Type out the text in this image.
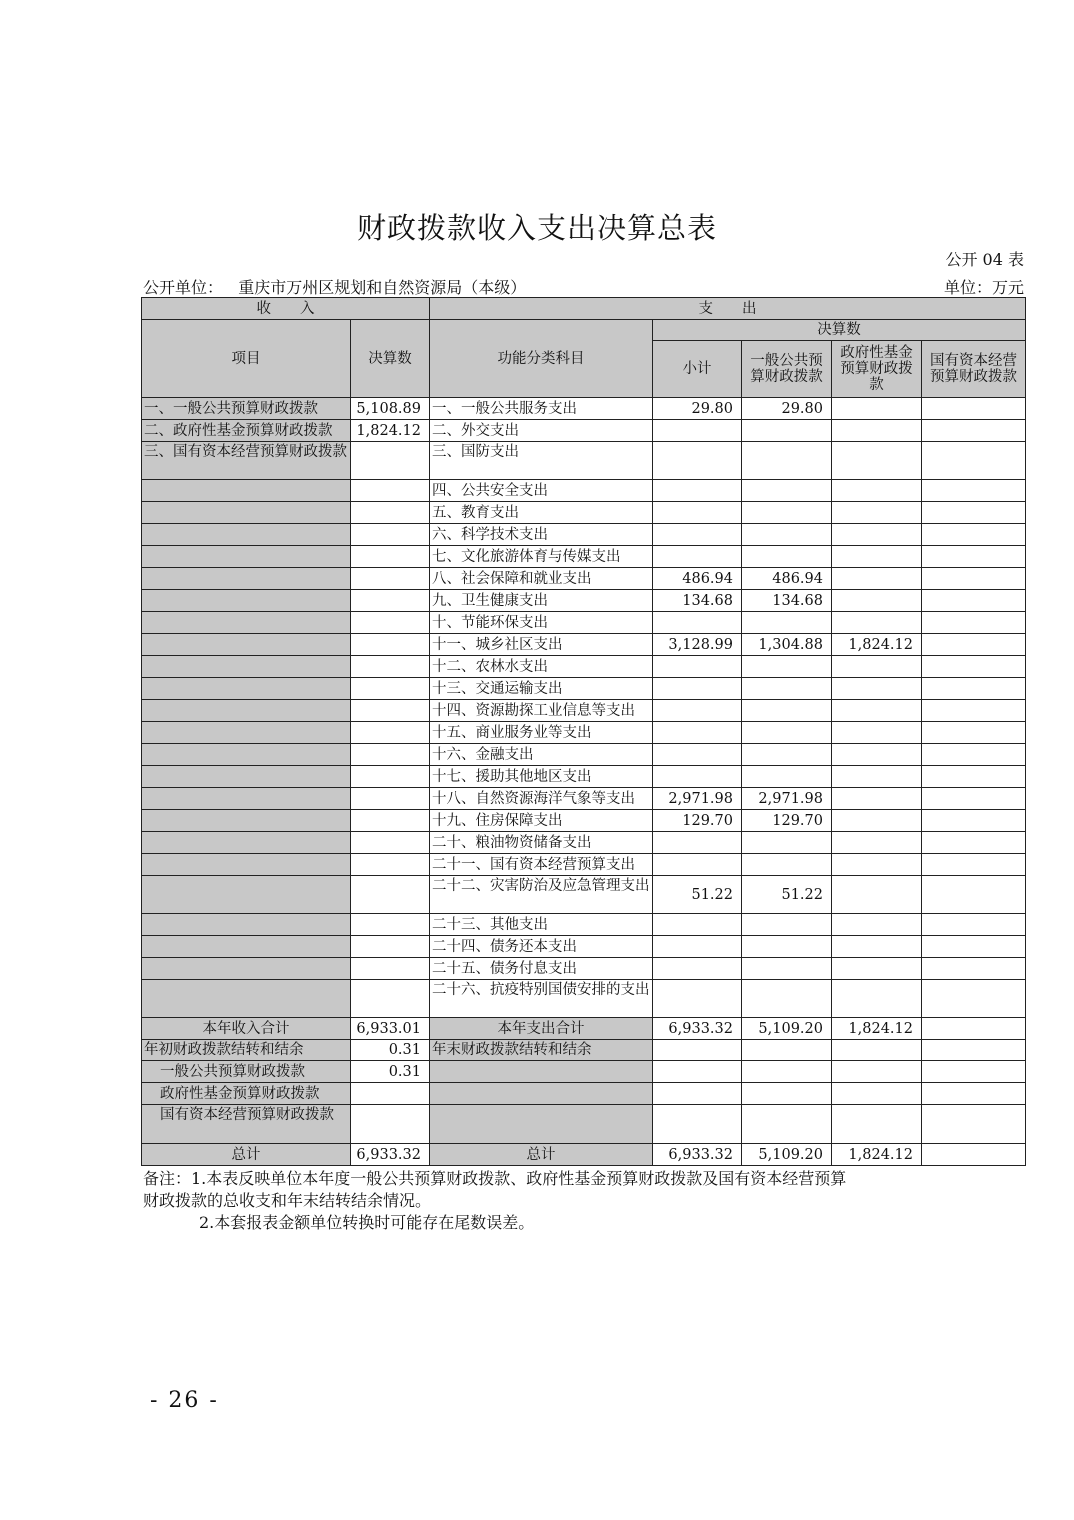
财政拨款收入支出决算总表
公开 04 表
公开单位： 重庆市万州区规划和自然资源局（本级）	单位：万元
收　　入		支　　出				
项目	决算数	功能分类科目	决算数			
			小计	一般公共预算财政拨款	政府性基金预算财政拨款	国有资本经营预算财政拨款
一、一般公共预算财政拨款	5,108.89	一、一般公共服务支出	29.80	29.80		
二、政府性基金预算财政拨款	1,824.12	二、外交支出				
三、国有资本经营预算财政拨款		三、国防支出				
		四、公共安全支出				
		五、教育支出				
		六、科学技术支出				
		七、文化旅游体育与传媒支出				
		八、社会保障和就业支出	486.94	486.94		
		九、卫生健康支出	134.68	134.68		
		十、节能环保支出				
		十一、城乡社区支出	3,128.99	1,304.88	1,824.12	
		十二、农林水支出				
		十三、交通运输支出				
		十四、资源勘探工业信息等支出				
		十五、商业服务业等支出				
		十六、金融支出				
		十七、援助其他地区支出				
		十八、自然资源海洋气象等支出	2,971.98	2,971.98		
		十九、住房保障支出	129.70	129.70		
		二十、粮油物资储备支出				
		二十一、国有资本经营预算支出				
		二十二、灾害防治及应急管理支出	51.22	51.22		
		二十三、其他支出				
		二十四、债务还本支出				
		二十五、债务付息支出				
		二十六、抗疫特别国债安排的支出				
本年收入合计	6,933.01	本年支出合计	6,933.32	5,109.20	1,824.12	
年初财政拨款结转和结余	0.31	年末财政拨款结转和结余				
一般公共预算财政拨款	0.31					
政府性基金预算财政拨款						
国有资本经营预算财政拨款						
总计	6,933.32	总计	6,933.32	5,109.20	1,824.12	
备注：1.本表反映单位本年度一般公共预算财政拨款、政府性基金预算财政拨款及国有资本经营预算
财政拨款的总收支和年末结转结余情况。
2.本套报表金额单位转换时可能存在尾数误差。
- 26 -
